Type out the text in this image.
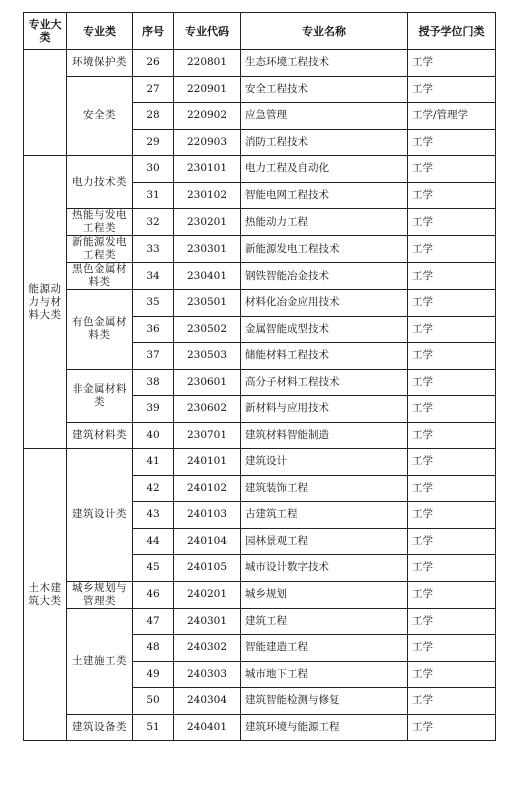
专业大类	专业类	序号	专业代码	专业名称	授予学位门类
	环境保护类	26	220801	生态环境工程技术	工学
	安全类	27	220901	安全工程技术	工学
		28	220902	应急管理	工学/管理学
		29	220903	消防工程技术	工学
能源动力与材料大类	电力技术类	30	230101	电力工程及自动化	工学
		31	230102	智能电网工程技术	工学
	热能与发电工程类	32	230201	热能动力工程	工学
	新能源发电工程类	33	230301	新能源发电工程技术	工学
	黑色金属材料类	34	230401	钢铁智能冶金技术	工学
	有色金属材料类	35	230501	材料化冶金应用技术	工学
		36	230502	金属智能成型技术	工学
		37	230503	储能材料工程技术	工学
	非金属材料类	38	230601	高分子材料工程技术	工学
		39	230602	新材料与应用技术	工学
	建筑材料类	40	230701	建筑材料智能制造	工学
土木建筑大类	建筑设计类	41	240101	建筑设计	工学
		42	240102	建筑装饰工程	工学
		43	240103	古建筑工程	工学
		44	240104	园林景观工程	工学
		45	240105	城市设计数字技术	工学
	城乡规划与管理类	46	240201	城乡规划	工学
	土建施工类	47	240301	建筑工程	工学
		48	240302	智能建造工程	工学
		49	240303	城市地下工程	工学
		50	240304	建筑智能检测与修复	工学
	建筑设备类	51	240401	建筑环境与能源工程	工学
